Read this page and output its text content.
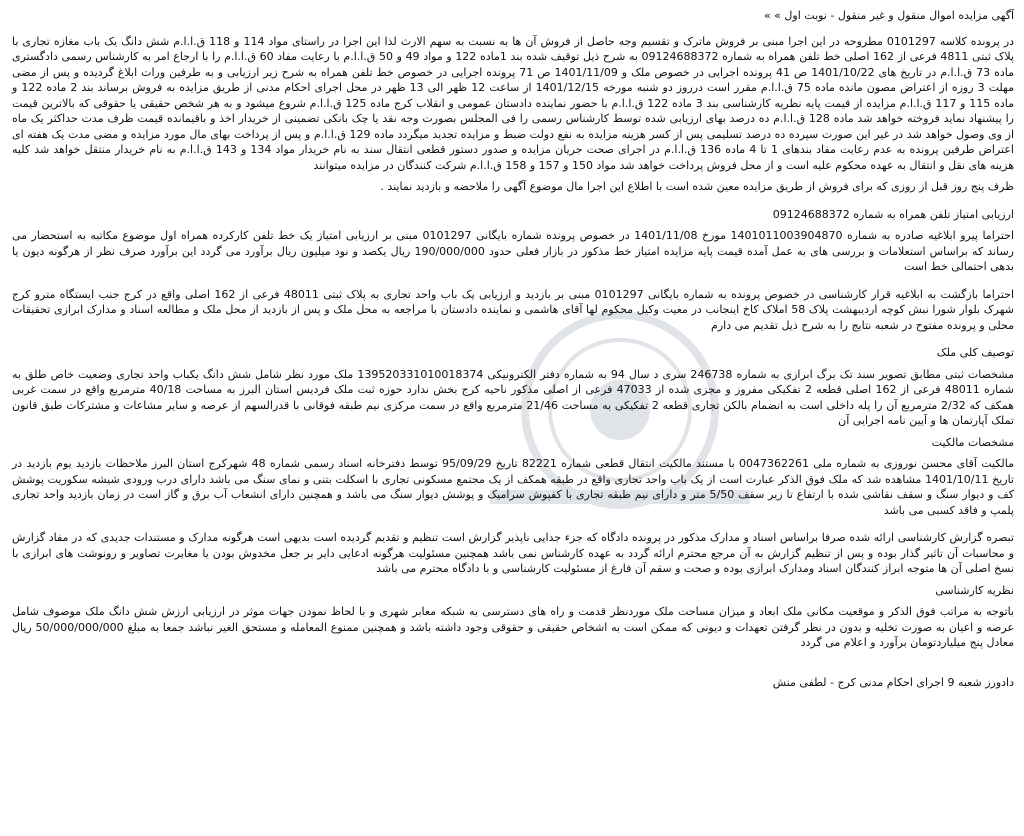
آگهی مزایده اموال منقول و غیر منقول - نوبت اول » »

در پرونده کلاسه 0101297 مطروحه در این اجرا مبنی بر فروش ماترک و تقسیم وجه حاصل از فروش آن ها به نسبت به سهم الارث لذا این اجرا در راستای مواد 114 و 118 ق.ا.ا.م شش دانگ یک باب مغازه تجاری با پلاک ثبتی 4811 فرعی از 162 اصلی خط تلفن همراه به شماره 09124688372 به شرح ذیل توقیف شده بند 1ماده 122 و مواد 49 و 50 ق.ا.ا.م با رعایت مفاد 60 ق.ا.ا.م را با ارجاع امر به کارشناس رسمی دادگستری ماده 73 ق.ا.ا.م در تاریخ های 1401/10/22 ص 41 پرونده اجرایی در خصوص ملک و 1401/11/09 ص 71 پرونده اجرایی در خصوص خط تلفن همراه به شرح زیر ارزیابی و به طرفین ورات ابلاغ گردیده و پس از مضی مهلت 3 روزه از اعتراض مصون مانده ماده 75 ق.ا.ا.م مقرر است درروز دو شنبه مورخه 1401/12/15 از ساعت 12 ظهر الی 13 ظهر در محل اجرای احکام مدنی از طریق مزایده به فروش برساند بند 2 ماده 122 و ماده 115 و 117 ق.ا.ا.م مزایده از قیمت پایه نظریه کارشناسی بند 3 ماده 122 ق.ا.ا.م با حضور نماینده دادستان عمومی و انقلاب کرج ماده 125 ق.ا.ا.م شروع میشود و به هر شخص حقیقی یا حقوقی که بالاترین قیمت را پیشنهاد نماید فروخته خواهد شد ماده 128 ق.ا.ا.م ده درصد بهای ارزیابی شده توسط کارشناس رسمی را فی المجلس بصورت وجه نقد یا چک بانکی تضمینی از خریدار اخذ و باقیمانده قیمت ظرف مدت حداکثر یک ماه از وی وصول خواهد شد در غیر این صورت سپرده ده درصد تسلیمی پس از کسر هزینه مزایده به نفع دولت ضبط و مزایده تجدید میگردد ماده 129 ق.ا.ا.م و پس از پرداخت بهای مال مورد مزایده و مضی مدت یک هفته ای اعتراض طرفین پرونده به عدم رعایت مفاد بندهای 1 تا 4 ماده 136 ق.ا.ا.م در اجرای صحت جریان مزایده و صدور دستور قطعی انتقال سند به نام خریدار مواد 134 و 143 ق.ا.ا.م به نام خریدار منتقل خواهد شد کلیه هزینه های نقل و انتقال به عهده محکوم علیه است و از محل فروش پرداخت خواهد شد مواد 150 و 157 و 158 ق.ا.ا.م شرکت کنندگان در مزایده میتوانند

ظرف پنج روز قبل از روزی که برای فروش از طریق مزایده معین شده است با اطلاع این اجرا مال موضوع آگهی را ملاحضه و بازدید نمایند .

ارزیابی امتیاز تلفن همراه به شماره 09124688372

احتراما پیرو ابلاغیه صادره به شماره 1401011003904870 مورخ 1401/11/08 در خصوص پرونده شماره بایگانی 0101297 مبنی بر ارزیابی امتیاز یک خط تلفن کارکرده همراه اول موضوع مکاتبه به استحضار می رساند که براساس استعلامات و بررسی های به عمل آمده قیمت پایه مزایده امتیاز خط مذکور در بازار فعلی حدود 190/000/000 ریال یکصد و نود میلیون ریال برآورد می گردد این برآورد صرف نظر از هرگونه دیون یا بدهی احتمالی خط است

احتراما بازگشت به ابلاغیه قرار کارشناسی در خصوص پرونده به شماره بایگانی 0101297 مبنی بر بازدید و ارزیابی یک باب واحد تجاری به پلاک ثبتی 48011 فرعی از 162 اصلی واقع در کرج جنب ایستگاه مترو کرج شهرک بلوار شورا نبش کوچه اردیبهشت پلاک 58 املاک کاخ اینجانب در معیت وکیل محکوم لها آقای هاشمی و نماینده دادستان با مراجعه به محل ملک و پس از بازدید از محل ملک و مطالعه اسناد و مدارک ابرازی تحقیقات محلی و پرونده مفتوح در شعبه نتایج را به شرح ذیل تقدیم می دارم

توصیف کلی ملک

مشخصات ثبتی مطابق تصویر سند تک برگ ابرازی به شماره 246738 سری د سال 94 به شماره دفتر الکترونیکی 139520331010018374 ملک مورد نظر شامل شش دانگ یکباب واحد تجاری وضعیت خاص طلق به شماره 48011 فرعی از 162 اصلی قطعه 2 تفکیکی مفروز و مجزی شده از 47033 فرعی از اصلی مذکور ناحیه کرج بخش ندارد حوزه ثبت ملک فردیس استان البرز به مساحت 40/18 مترمربع واقع در سمت غربی همکف که 2/32 مترمربع آن را پله داخلی است به انضمام بالکن تجاری قطعه 2 تفکیکی به مساحت 21/46 مترمربع واقع در سمت مرکزی نیم طبقه فوقانی با قدرالسهم از عرصه و سایر مشاعات و مشترکات طبق قانون تملک آپارتمان ها و آیین نامه اجرایی آن

مشخصات مالکیت

مالکیت آقای محسن نوروزی به شماره ملی 0047362261 با مستند مالکیت انتقال قطعی شماره 82221 تاریخ 95/09/29 توسط دفترخانه اسناد رسمی شماره 48 شهرکرج استان البرز ملاحظات بازدید یوم بازدید در تاریخ 1401/10/11 مشاهده شد که ملک فوق الذکر عبارت است از یک باب واحد تجاری واقع در طبقه همکف از یک مجتمع مسکونی تجاری با اسکلت بتنی و نمای سنگ می باشد دارای درب ورودی شیشه سکوریت پوشش کف و دیوار سنگ و سقف نقاشی شده با ارتفاع تا زیر سقف 5/50 متر و دارای نیم طبقه تجاری با کفپوش سرامیک و پوشش دیوار سنگ می باشد و همچنین دارای انشعاب آب برق و گاز است در زمان بازدید واحد تجاری پلمپ و فاقد کسبی می باشد

تبصره گزارش کارشناسی ارائه شده صرفا براساس اسناد و مدارک مذکور در پرونده دادگاه که جزء جدایی ناپذیر گزارش است تنظیم و تقدیم گردیده است بدیهی است هرگونه مدارک و مستندات جدیدی که در مفاد گزارش و محاسبات آن تاثیر گذار بوده و پس از تنظیم گزارش به آن مرجع محترم ارائه گردد به عهده کارشناس نمی باشد همچنین مسئولیت هرگونه ادعایی دایر بر جعل مخدوش بودن یا مغایرت تصاویر و رونوشت های ابرازی با نسخ اصلی آن ها متوجه ابراز کنندگان اسناد ومدارک ابرازی بوده و صحت و سقم آن فارغ از مسئولیت کارشناسی و با دادگاه محترم می باشد

نظریه کارشناسی

باتوجه به مراتب فوق الذکر و موقعیت مکانی ملک ابعاد و میزان مساحت ملک موردنظر قدمت و راه های دسترسی به شبکه معابر شهری و با لحاظ نمودن جهات موثر در ارزیابی ارزش شش دانگ ملک موصوف شامل عرصه و اعیان به صورت تخلیه و بدون در نظر گرفتن تعهدات و دیونی که ممکن است به اشخاص حقیقی و حقوقی وجود داشته باشد و همچنین ممنوع المعامله و مستحق الغیر نباشد جمعا به مبلغ 50/000/000/000 ریال معادل پنج میلیاردتومان برآورد و اعلام می گردد

دادورز شعبه 9 اجرای احکام مدنی کرج - لطفی منش
